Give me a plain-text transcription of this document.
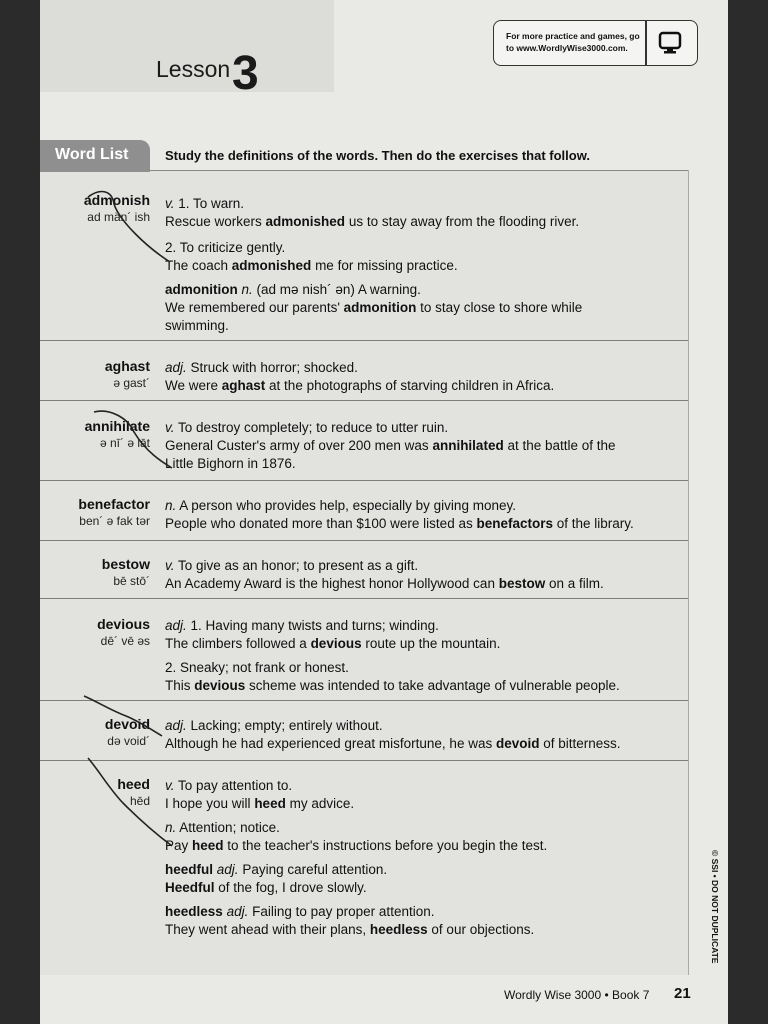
Lesson 3
For more practice and games, go
to www.WordlyWise3000.com.
Word List	Study the definitions of the words. Then do the exercises that follow.
admonish
ad män´ ish
v. 1. To warn.
Rescue workers admonished us to stay away from the flooding river.
2. To criticize gently.
The coach admonished me for missing practice.
admonition n. (ad mə nish´ ən) A warning.
We remembered our parents' admonition to stay close to shore while
swimming.
aghast
ə gast´
adj. Struck with horror; shocked.
We were aghast at the photographs of starving children in Africa.
annihilate
ə nī´ ə lāt
v. To destroy completely; to reduce to utter ruin.
General Custer's army of over 200 men was annihilated at the battle of the
Little Bighorn in 1876.
benefactor
ben´ ə fak tər
n. A person who provides help, especially by giving money.
People who donated more than $100 were listed as benefactors of the library.
bestow
bē stō´
v. To give as an honor; to present as a gift.
An Academy Award is the highest honor Hollywood can bestow on a film.
devious
dē´ vē əs
adj. 1. Having many twists and turns; winding.
The climbers followed a devious route up the mountain.
2. Sneaky; not frank or honest.
This devious scheme was intended to take advantage of vulnerable people.
devoid
də void´
adj. Lacking; empty; entirely without.
Although he had experienced great misfortune, he was devoid of bitterness.
heed
hēd
v. To pay attention to.
I hope you will heed my advice.
n. Attention; notice.
Pay heed to the teacher's instructions before you begin the test.
heedful adj. Paying careful attention.
Heedful of the fog, I drove slowly.
heedless adj. Failing to pay proper attention.
They went ahead with their plans, heedless of our objections.
Wordly Wise 3000 • Book 7 21
© SSI • DO NOT DUPLICATE
